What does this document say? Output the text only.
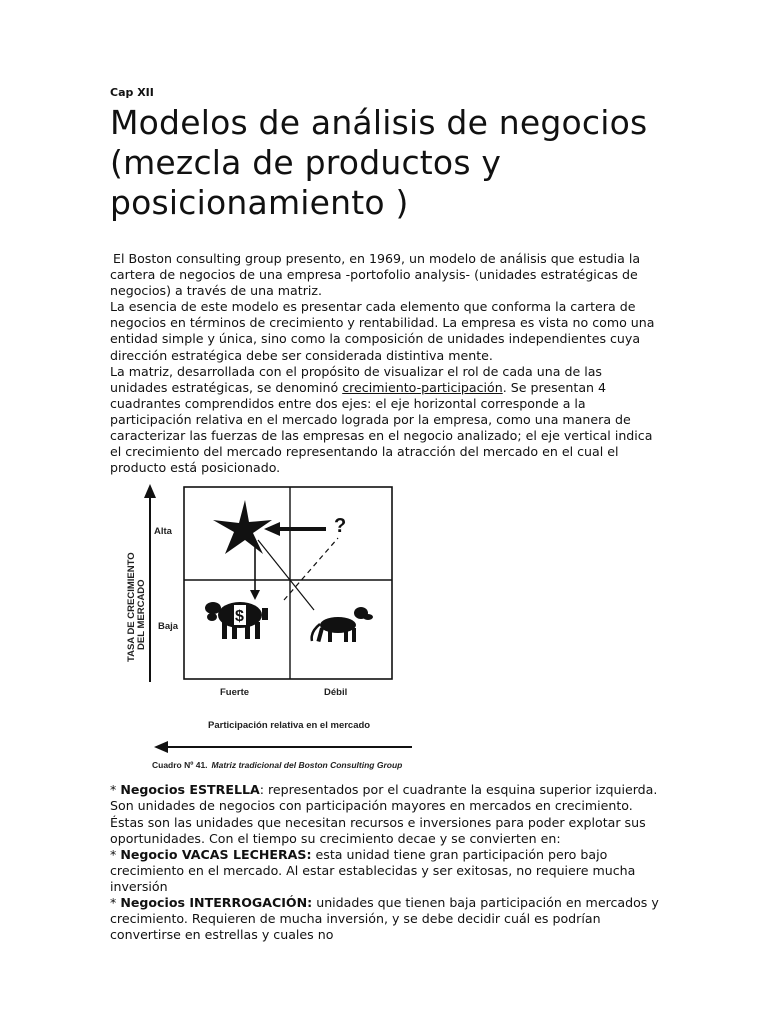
Cap XII
Modelos de análisis de negocios (mezcla de productos y posicionamiento )

El Boston consulting group presento, en 1969, un modelo de análisis que estudia la cartera de negocios de una empresa -portofolio analysis- (unidades estratégicas de negocios) a través de una matriz.

La esencia de este modelo es presentar cada elemento que conforma la cartera de negocios en términos de crecimiento y rentabilidad. La empresa es vista no como una entidad simple y única, sino como la composición de unidades independientes cuya dirección estratégica debe ser considerada distintiva mente.

La matriz, desarrollada con el propósito de visualizar el rol de cada una de las unidades estratégicas, se denominó crecimiento-participación. Se presentan 4 cuadrantes comprendidos entre dos ejes: el eje horizontal corresponde a la participación relativa en el mercado lograda por la empresa, como una manera de caracterizar las fuerzas de las empresas en el negocio analizado; el eje vertical indica el crecimiento del mercado representando la atracción del mercado en el cual el producto está posicionado.

TASA DE CRECIMIENTO DEL MERCADO
Alta
Baja
?
$
Fuerte	Débil
Participación relativa en el mercado
Cuadro Nº 41. Matriz tradicional del Boston Consulting Group

* Negocios ESTRELLA: representados por el cuadrante la esquina superior izquierda. Son unidades de negocios con participación mayores en mercados en crecimiento. Éstas son las unidades que necesitan recursos e inversiones para poder explotar sus oportunidades. Con el tiempo su crecimiento decae y se convierten en:

* Negocio VACAS LECHERAS: esta unidad tiene gran participación pero bajo crecimiento en el mercado. Al estar establecidas y ser exitosas, no requiere mucha inversión

* Negocios INTERROGACIÓN: unidades que tienen baja participación en mercados y crecimiento. Requieren de mucha inversión, y se debe decidir cuál es podrían convertirse en estrellas y cuales no
